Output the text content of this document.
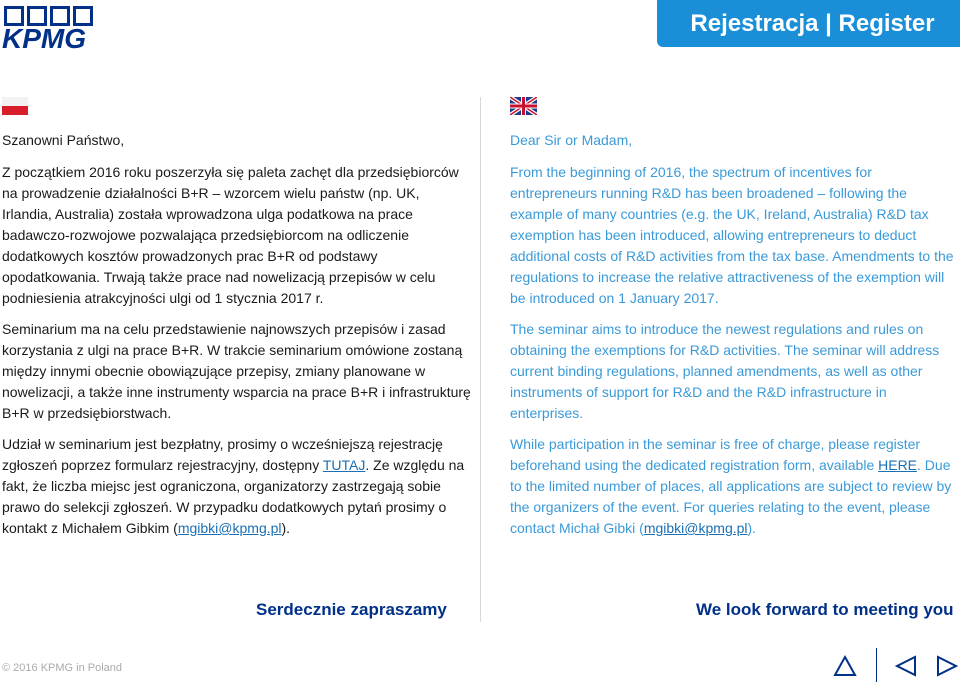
KPMG	Rejestracja | Register

Szanowni Państwo,

Z początkiem 2016 roku poszerzyła się paleta zachęt dla przedsiębiorców na prowadzenie działalności B+R – wzorcem wielu państw (np. UK, Irlandia, Australia) została wprowadzona ulga podatkowa na prace badawczo-rozwojowe pozwalająca przedsiębiorcom na odliczenie dodatkowych kosztów prowadzonych prac B+R od podstawy opodatkowania. Trwają także prace nad nowelizacją przepisów w celu podniesienia atrakcyjności ulgi od 1 stycznia 2017 r.

Seminarium ma na celu przedstawienie najnowszych przepisów i zasad korzystania z ulgi na prace B+R. W trakcie seminarium omówione zostaną między innymi obecnie obowiązujące przepisy, zmiany planowane w nowelizacji, a także inne instrumenty wsparcia na prace B+R i infrastrukturę B+R w przedsiębiorstwach.

Udział w seminarium jest bezpłatny, prosimy o wcześniejszą rejestrację zgłoszeń poprzez formularz rejestracyjny, dostępny TUTAJ. Ze względu na fakt, że liczba miejsc jest ograniczona, organizatorzy zastrzegają sobie prawo do selekcji zgłoszeń. W przypadku dodatkowych pytań prosimy o kontakt z Michałem Gibkim (mgibki@kpmg.pl).

Dear Sir or Madam,

From the beginning of 2016, the spectrum of incentives for entrepreneurs running R&D has been broadened – following the example of many countries (e.g. the UK, Ireland, Australia) R&D tax exemption has been introduced, allowing entrepreneurs to deduct additional costs of R&D activities from the tax base. Amendments to the regulations to increase the relative attractiveness of the exemption will be introduced on 1 January 2017.

The seminar aims to introduce the newest regulations and rules on obtaining the exemptions for R&D activities. The seminar will address current binding regulations, planned amendments, as well as other instruments of support for R&D and the R&D infrastructure in enterprises.

While participation in the seminar is free of charge, please register beforehand using the dedicated registration form, available HERE. Due to the limited number of places, all applications are subject to review by the organizers of the event. For queries relating to the event, please contact Michał Gibki (mgibki@kpmg.pl).

Serdecznie zapraszamy	We look forward to meeting you
© 2016 KPMG in Poland
